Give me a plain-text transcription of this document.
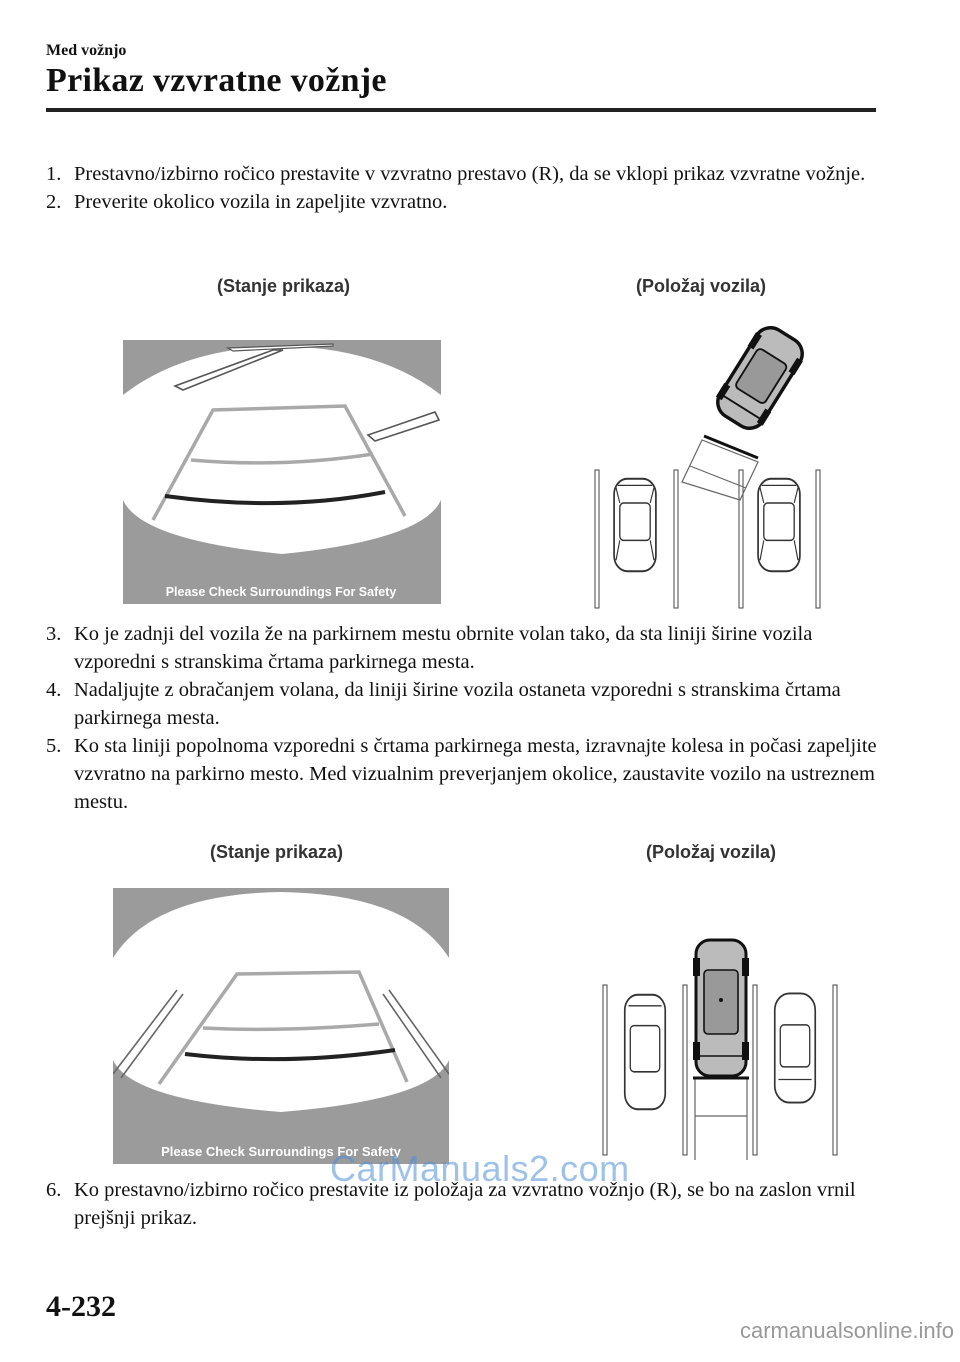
Med vožnjo
Prikaz vzvratne vožnje
1. Prestavno/izbirno ročico prestavite v vzvratno prestavo (R), da se vklopi prikaz vzvratne vožnje.
2. Preverite okolico vozila in zapeljite vzvratno.
(Stanje prikaza)	(Položaj vozila)
Please Check Surroundings For Safety
3. Ko je zadnji del vozila že na parkirnem mestu obrnite volan tako, da sta liniji širine vozila vzporedni s stranskima črtama parkirnega mesta.
4. Nadaljujte z obračanjem volana, da liniji širine vozila ostaneta vzporedni s stranskima črtama parkirnega mesta.
5. Ko sta liniji popolnoma vzporedni s črtama parkirnega mesta, izravnajte kolesa in počasi zapeljite vzvratno na parkirno mesto. Med vizualnim preverjanjem okolice, zaustavite vozilo na ustreznem mestu.
(Stanje prikaza)	(Položaj vozila)
Please Check Surroundings For Safety
6. Ko prestavno/izbirno ročico prestavite iz položaja za vzvratno vožnjo (R), se bo na zaslon vrnil prejšnji prikaz.
CarManuals2.com
4-232
carmanualsonline.info
